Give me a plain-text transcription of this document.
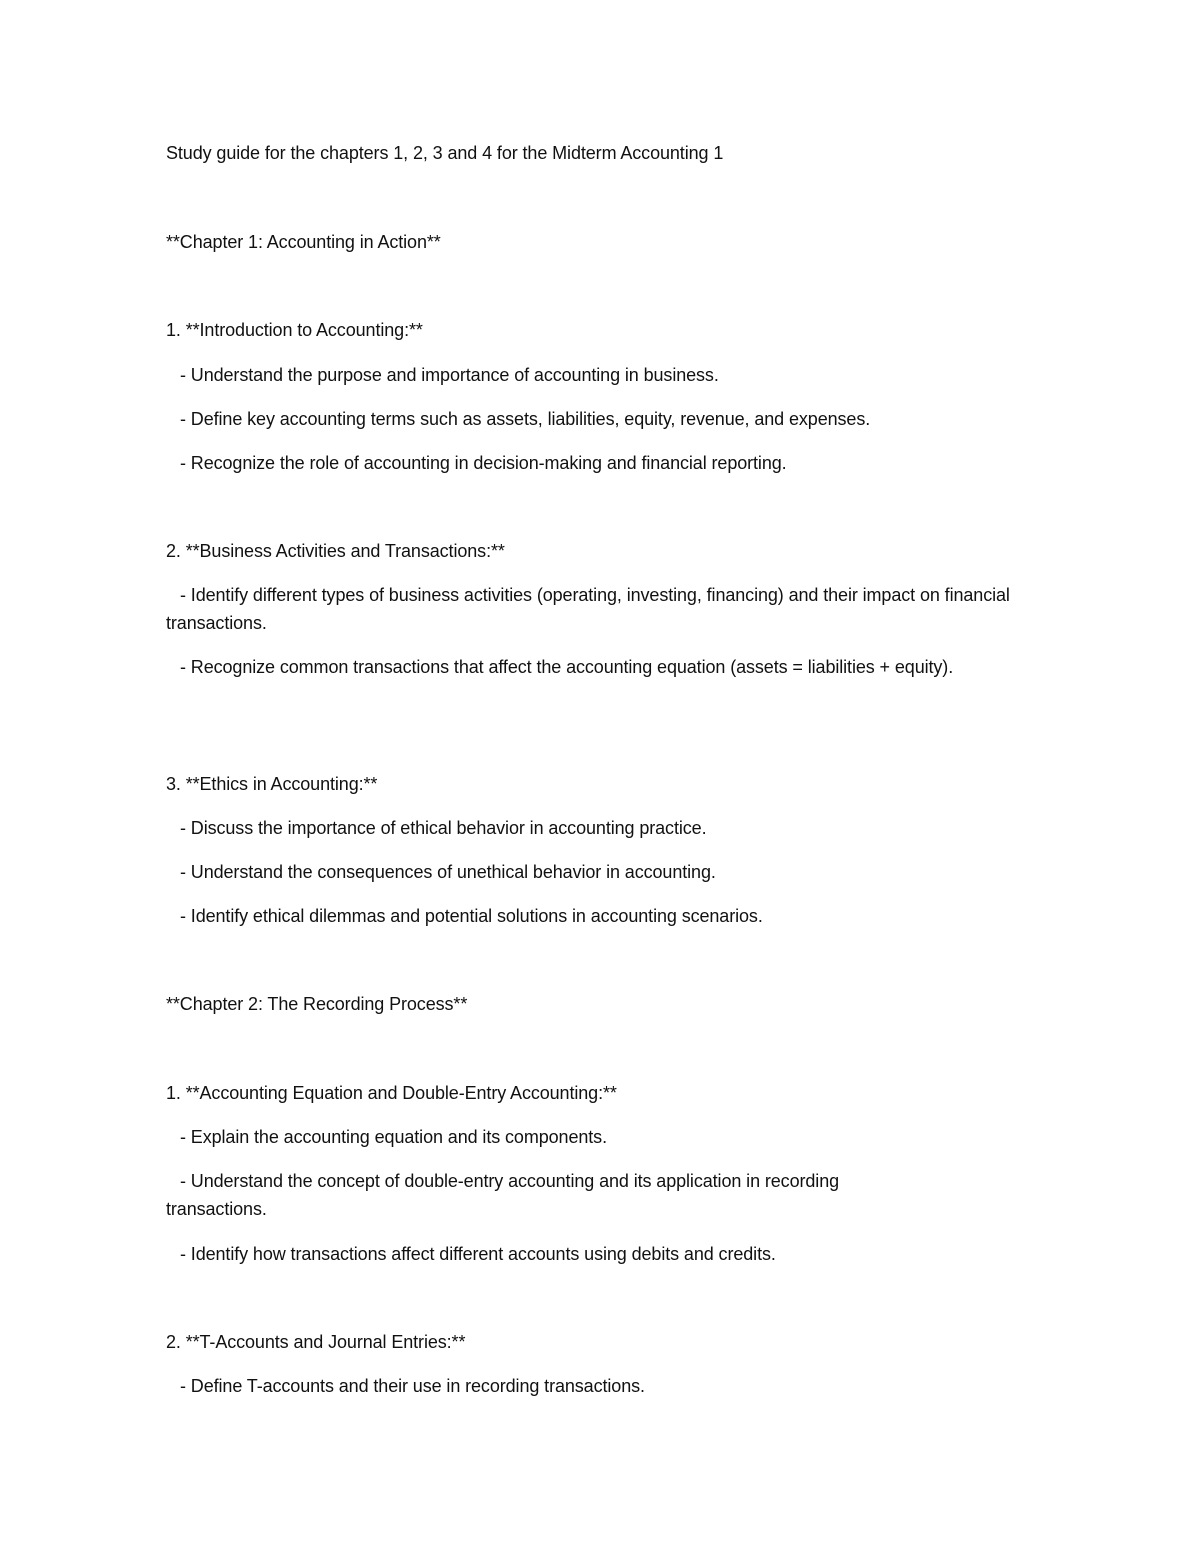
Study guide for the chapters 1, 2, 3 and 4 for the Midterm Accounting 1
**Chapter 1: Accounting in Action**
1. **Introduction to Accounting:**
- Understand the purpose and importance of accounting in business.
- Define key accounting terms such as assets, liabilities, equity, revenue, and expenses.
- Recognize the role of accounting in decision-making and financial reporting.
2. **Business Activities and Transactions:**
- Identify different types of business activities (operating, investing, financing) and their impact on financial transactions.
- Recognize common transactions that affect the accounting equation (assets = liabilities + equity).
3. **Ethics in Accounting:**
- Discuss the importance of ethical behavior in accounting practice.
- Understand the consequences of unethical behavior in accounting.
- Identify ethical dilemmas and potential solutions in accounting scenarios.
**Chapter 2: The Recording Process**
1. **Accounting Equation and Double-Entry Accounting:**
- Explain the accounting equation and its components.
- Understand the concept of double-entry accounting and its application in recording transactions.
- Identify how transactions affect different accounts using debits and credits.
2. **T-Accounts and Journal Entries:**
- Define T-accounts and their use in recording transactions.
